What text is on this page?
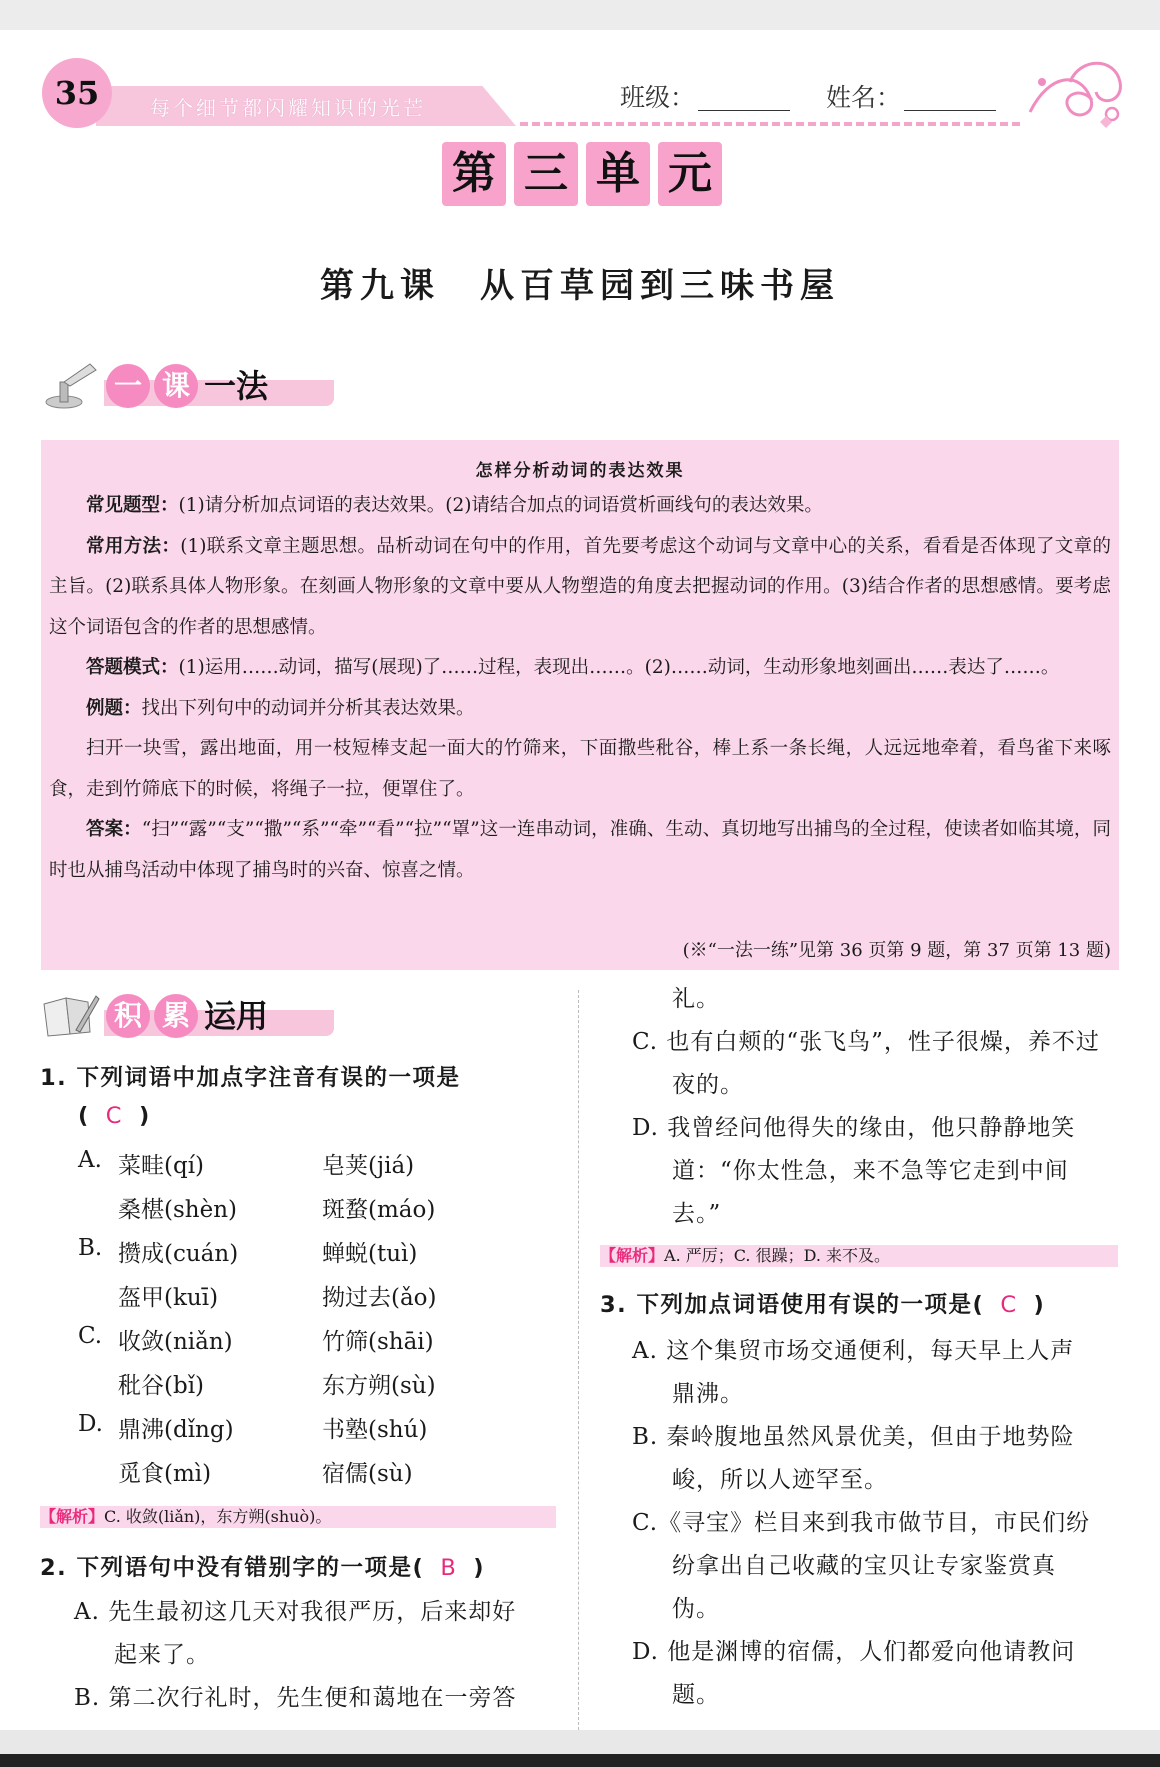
35	每个细节都闪耀知识的光芒	班级：	姓名：
第 三 单 元
第九课　从百草园到三味书屋
一 课 一法
怎样分析动词的表达效果

常见题型：(1)请分析加点词语的表达效果。(2)请结合加点的词语赏析画线句的表达效果。

常用方法：(1)联系文章主题思想。品析动词在句中的作用，首先要考虑这个动词与文章中心的关系，看看是否体现了文章的主旨。(2)联系具体人物形象。在刻画人物形象的文章中要从人物塑造的角度去把握动词的作用。(3)结合作者的思想感情。要考虑这个词语包含的作者的思想感情。

答题模式：(1)运用……动词，描写(展现)了……过程，表现出……。(2)……动词，生动形象地刻画出……表达了……。

例题：找出下列句中的动词并分析其表达效果。

扫开一块雪，露出地面，用一枝短棒支起一面大的竹筛来，下面撒些秕谷，棒上系一条长绳，人远远地牵着，看鸟雀下来啄食，走到竹筛底下的时候，将绳子一拉，便罩住了。

答案：“扫”“露”“支”“撒”“系”“牵”“看”“拉”“罩”这一连串动词，准确、生动、真切地写出捕鸟的全过程，使读者如临其境，同时也从捕鸟活动中体现了捕鸟时的兴奋、惊喜之情。

(※“一法一练”见第 36 页第 9 题，第 37 页第 13 题)
积 累 运用
1. 下列词语中加点字注音有误的一项是
( C )
A. 菜畦(qí)	皂荚(jiá)
桑椹(shèn)	斑蝥(máo)
B. 攒成(cuán)	蝉蜕(tuì)
盔甲(kuī)	拗过去(ǎo)
C. 收敛(niǎn)	竹筛(shāi)
秕谷(bǐ)	东方朔(sù)
D. 鼎沸(dǐng)	书塾(shú)
觅食(mì)	宿儒(sù)
【解析】C. 收敛(liǎn)，东方朔(shuò)。
2. 下列语句中没有错别字的一项是( B )
A. 先生最初这几天对我很严历，后来却好
起来了。
B. 第二次行礼时，先生便和蔼地在一旁答
礼。
C. 也有白颊的“张飞鸟”，性子很燥，养不过
夜的。
D. 我曾经问他得失的缘由，他只静静地笑
道：“你太性急，来不急等它走到中间
去。”
【解析】A. 严厉；C. 很躁；D. 来不及。
3. 下列加点词语使用有误的一项是( C )
A. 这个集贸市场交通便利，每天早上人声
鼎沸。
B. 秦岭腹地虽然风景优美，但由于地势险
峻，所以人迹罕至。
C.《寻宝》栏目来到我市做节目，市民们纷
纷拿出自己收藏的宝贝让专家鉴赏真
伪。
D. 他是渊博的宿儒，人们都爱向他请教问
题。
